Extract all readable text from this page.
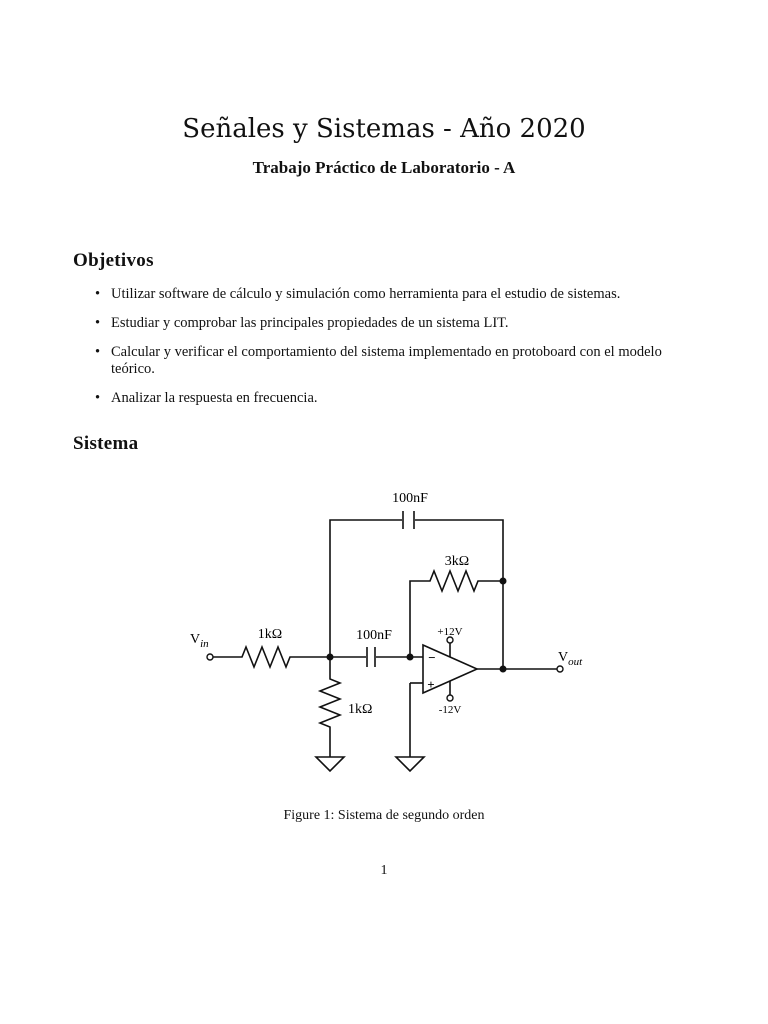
Señales y Sistemas - Año 2020
Trabajo Práctico de Laboratorio - A
Objetivos
• Utilizar software de cálculo y simulación como herramienta para el estudio de sistemas.
• Estudiar y comprobar las principales propiedades de un sistema LIT.
• Calcular y verificar el comportamiento del sistema implementado en protoboard con el modelo teórico.
• Analizar la respuesta en frecuencia.
Sistema
100nF
3kΩ
1kΩ	100nF
1kΩ
+12V
-12V
−
+
$V_{in}$
$V_{out}$
Figure 1: Sistema de segundo orden
1
